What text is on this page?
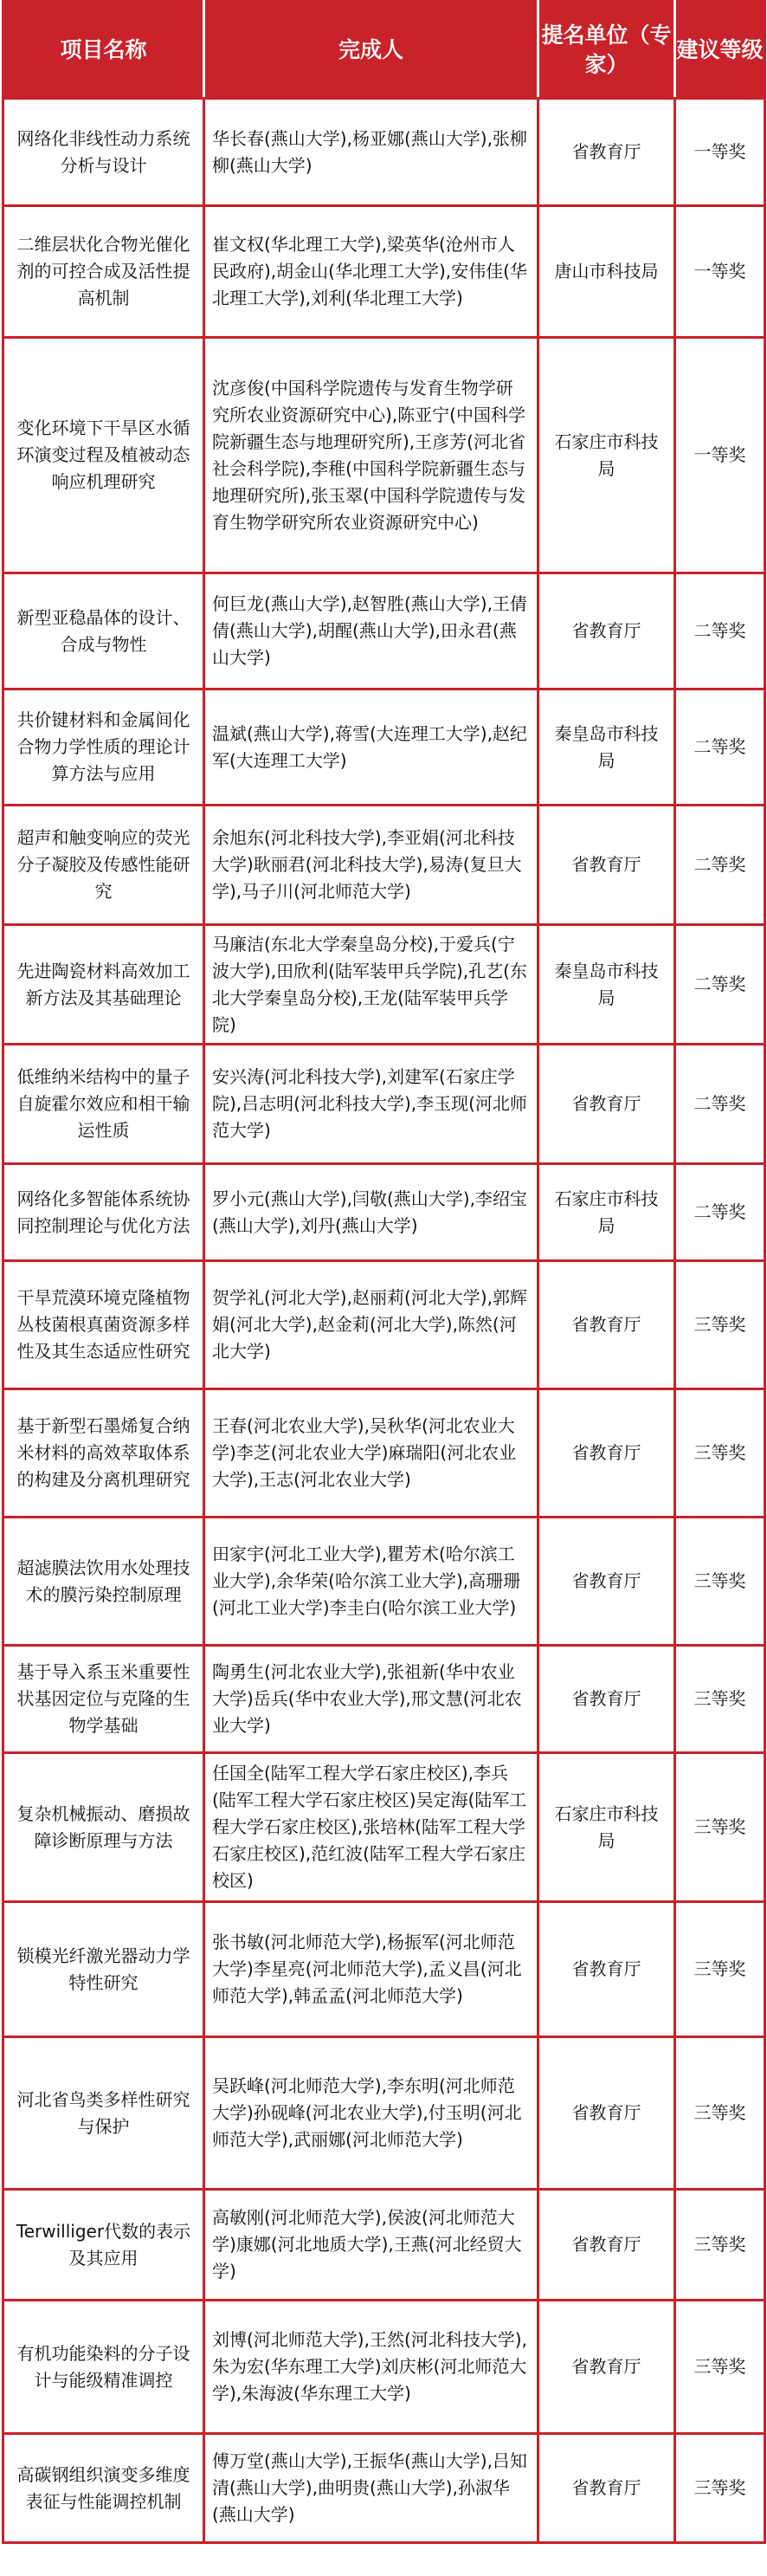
项目名称	完成人	提名单位（专家）	建议等级
网络化非线性动力系统分析与设计	华长春(燕山大学),杨亚娜(燕山大学),张柳柳(燕山大学)	省教育厅	一等奖
二维层状化合物光催化剂的可控合成及活性提高机制	崔文权(华北理工大学),梁英华(沧州市人民政府),胡金山(华北理工大学),安伟佳(华北理工大学),刘利(华北理工大学)	唐山市科技局	一等奖
变化环境下干旱区水循环演变过程及植被动态响应机理研究	沈彦俊(中国科学院遗传与发育生物学研究所农业资源研究中心),陈亚宁(中国科学院新疆生态与地理研究所),王彦芳(河北省社会科学院),李稚(中国科学院新疆生态与地理研究所),张玉翠(中国科学院遗传与发育生物学研究所农业资源研究中心)	石家庄市科技局	一等奖
新型亚稳晶体的设计、合成与物性	何巨龙(燕山大学),赵智胜(燕山大学),王倩倩(燕山大学),胡醒(燕山大学),田永君(燕山大学)	省教育厅	二等奖
共价键材料和金属间化合物力学性质的理论计算方法与应用	温斌(燕山大学),蒋雪(大连理工大学),赵纪军(大连理工大学)	秦皇岛市科技局	二等奖
超声和触变响应的荧光分子凝胶及传感性能研究	余旭东(河北科技大学),李亚娟(河北科技大学)耿丽君(河北科技大学),易涛(复旦大学),马子川(河北师范大学)	省教育厅	二等奖
先进陶瓷材料高效加工新方法及其基础理论	马廉洁(东北大学秦皇岛分校),于爱兵(宁波大学),田欣利(陆军装甲兵学院),孔艺(东北大学秦皇岛分校),王龙(陆军装甲兵学院)	秦皇岛市科技局	二等奖
低维纳米结构中的量子自旋霍尔效应和相干输运性质	安兴涛(河北科技大学),刘建军(石家庄学院),吕志明(河北科技大学),李玉现(河北师范大学)	省教育厅	二等奖
网络化多智能体系统协同控制理论与优化方法	罗小元(燕山大学),闫敬(燕山大学),李绍宝(燕山大学),刘丹(燕山大学)	石家庄市科技局	二等奖
干旱荒漠环境克隆植物丛枝菌根真菌资源多样性及其生态适应性研究	贺学礼(河北大学),赵丽莉(河北大学),郭辉娟(河北大学),赵金莉(河北大学),陈然(河北大学)	省教育厅	三等奖
基于新型石墨烯复合纳米材料的高效萃取体系的构建及分离机理研究	王春(河北农业大学),吴秋华(河北农业大学)李芝(河北农业大学)麻瑞阳(河北农业大学),王志(河北农业大学)	省教育厅	三等奖
超滤膜法饮用水处理技术的膜污染控制原理	田家宇(河北工业大学),瞿芳术(哈尔滨工业大学),余华荣(哈尔滨工业大学),高珊珊(河北工业大学)李圭白(哈尔滨工业大学)	省教育厅	三等奖
基于导入系玉米重要性状基因定位与克隆的生物学基础	陶勇生(河北农业大学),张祖新(华中农业大学)岳兵(华中农业大学),邢文慧(河北农业大学)	省教育厅	三等奖
复杂机械振动、磨损故障诊断原理与方法	任国全(陆军工程大学石家庄校区),李兵(陆军工程大学石家庄校区)吴定海(陆军工程大学石家庄校区),张培林(陆军工程大学石家庄校区),范红波(陆军工程大学石家庄校区)	石家庄市科技局	三等奖
锁模光纤激光器动力学特性研究	张书敏(河北师范大学),杨振军(河北师范大学)李星亮(河北师范大学),孟义昌(河北师范大学),韩孟孟(河北师范大学)	省教育厅	三等奖
河北省鸟类多样性研究与保护	吴跃峰(河北师范大学),李东明(河北师范大学)孙砚峰(河北农业大学),付玉明(河北师范大学),武丽娜(河北师范大学)	省教育厅	三等奖
Terwilliger代数的表示及其应用	高敏刚(河北师范大学),侯波(河北师范大学)康娜(河北地质大学),王燕(河北经贸大学)	省教育厅	三等奖
有机功能染料的分子设计与能级精准调控	刘博(河北师范大学),王然(河北科技大学),朱为宏(华东理工大学)刘庆彬(河北师范大学),朱海波(华东理工大学)	省教育厅	三等奖
高碳钢组织演变多维度表征与性能调控机制	傅万堂(燕山大学),王振华(燕山大学),吕知清(燕山大学),曲明贵(燕山大学),孙淑华(燕山大学)	省教育厅	三等奖
